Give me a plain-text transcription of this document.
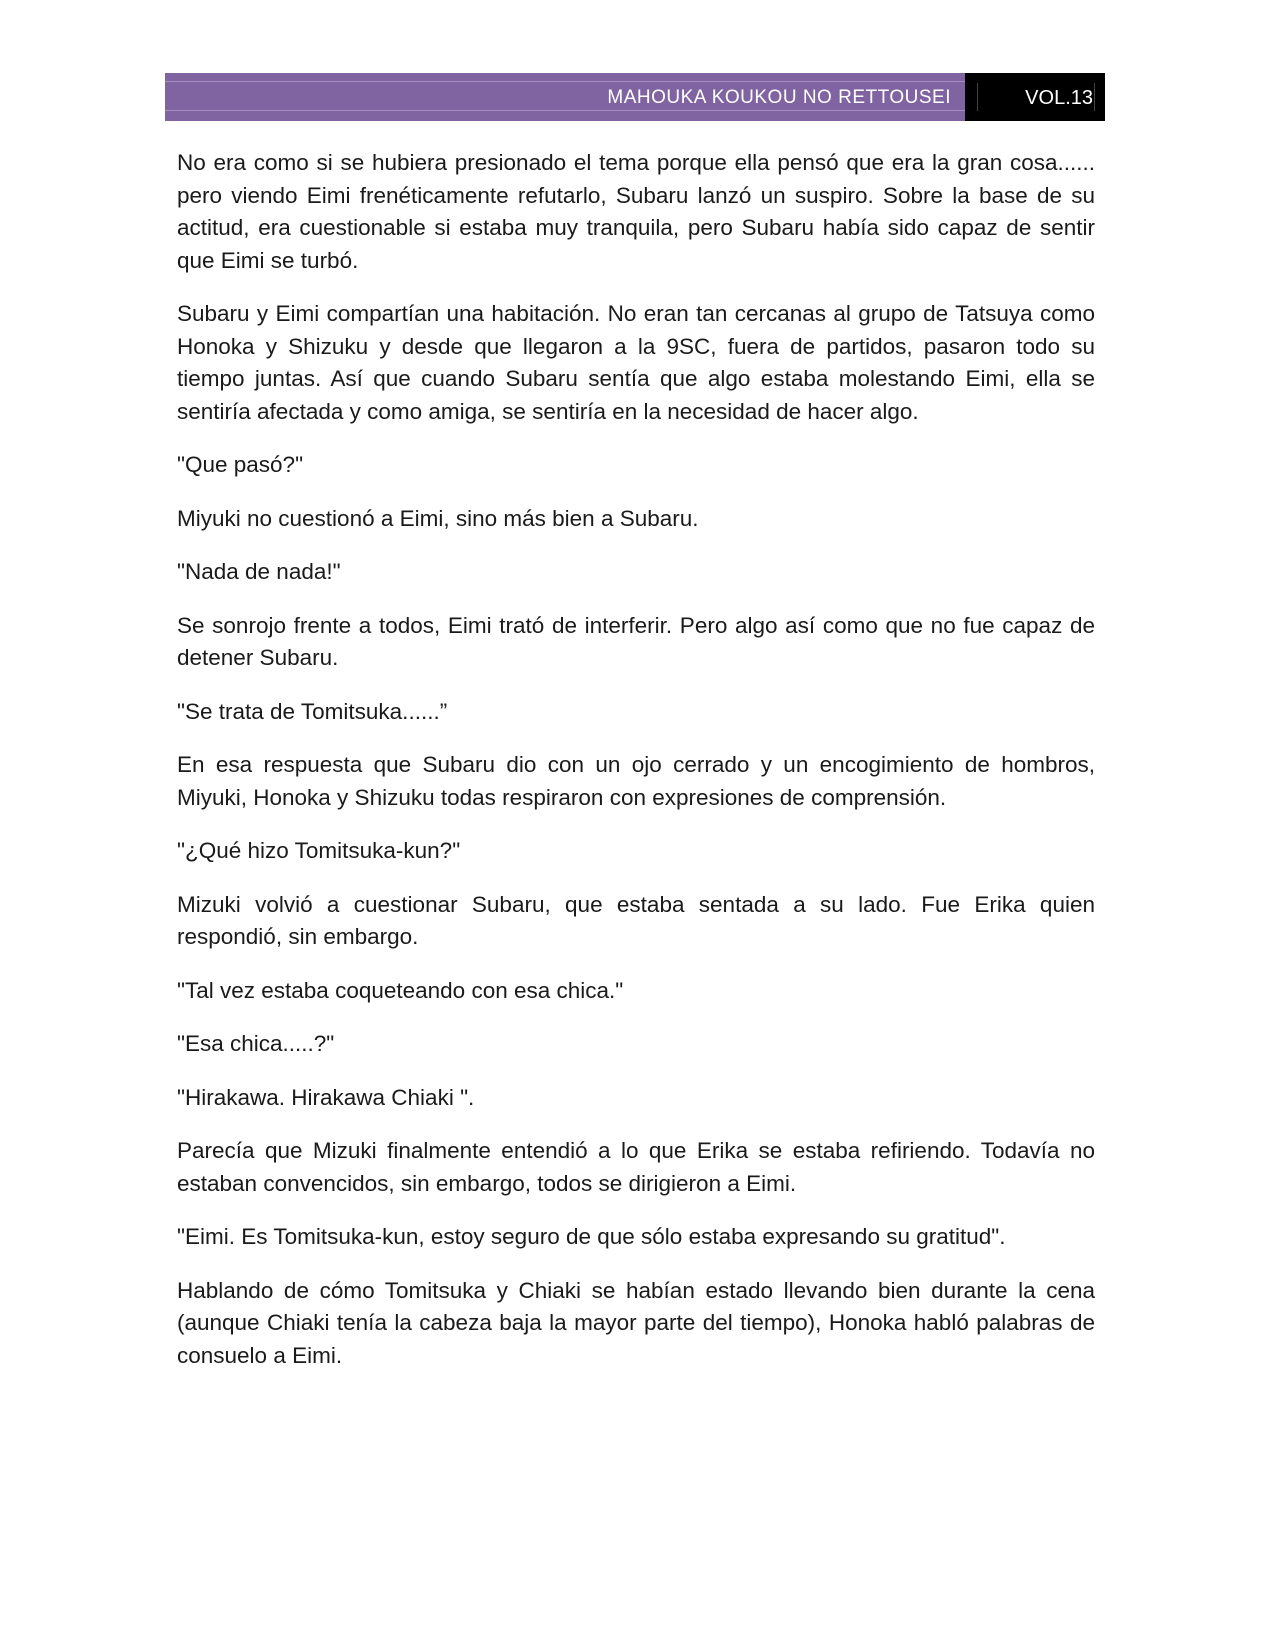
MAHOUKA KOUKOU NO RETTOUSEI	VOL.13

No era como si se hubiera presionado el tema porque ella pensó que era la gran cosa...... pero viendo Eimi frenéticamente refutarlo, Subaru lanzó un suspiro. Sobre la base de su actitud, era cuestionable si estaba muy tranquila, pero Subaru había sido capaz de sentir que Eimi se turbó.

Subaru y Eimi compartían una habitación. No eran tan cercanas al grupo de Tatsuya como Honoka y Shizuku y desde que llegaron a la 9SC, fuera de partidos, pasaron todo su tiempo juntas. Así que cuando Subaru sentía que algo estaba molestando Eimi, ella se sentiría afectada y como amiga, se sentiría en la necesidad de hacer algo.

"Que pasó?"

Miyuki no cuestionó a Eimi, sino más bien a Subaru.

"Nada de nada!"

Se sonrojo frente a todos, Eimi trató de interferir. Pero algo así como que no fue capaz de detener Subaru.

"Se trata de Tomitsuka......”

En esa respuesta que Subaru dio con un ojo cerrado y un encogimiento de hombros, Miyuki, Honoka y Shizuku todas respiraron con expresiones de comprensión.

"¿Qué hizo Tomitsuka-kun?"

Mizuki volvió a cuestionar Subaru, que estaba sentada a su lado. Fue Erika quien respondió, sin embargo.

"Tal vez estaba coqueteando con esa chica."

"Esa chica.....?"

"Hirakawa. Hirakawa Chiaki ".

Parecía que Mizuki finalmente entendió a lo que Erika se estaba refiriendo. Todavía no estaban convencidos, sin embargo, todos se dirigieron a Eimi.

"Eimi. Es Tomitsuka-kun, estoy seguro de que sólo estaba expresando su gratitud".

Hablando de cómo Tomitsuka y Chiaki se habían estado llevando bien durante la cena (aunque Chiaki tenía la cabeza baja la mayor parte del tiempo), Honoka habló palabras de consuelo a Eimi.
